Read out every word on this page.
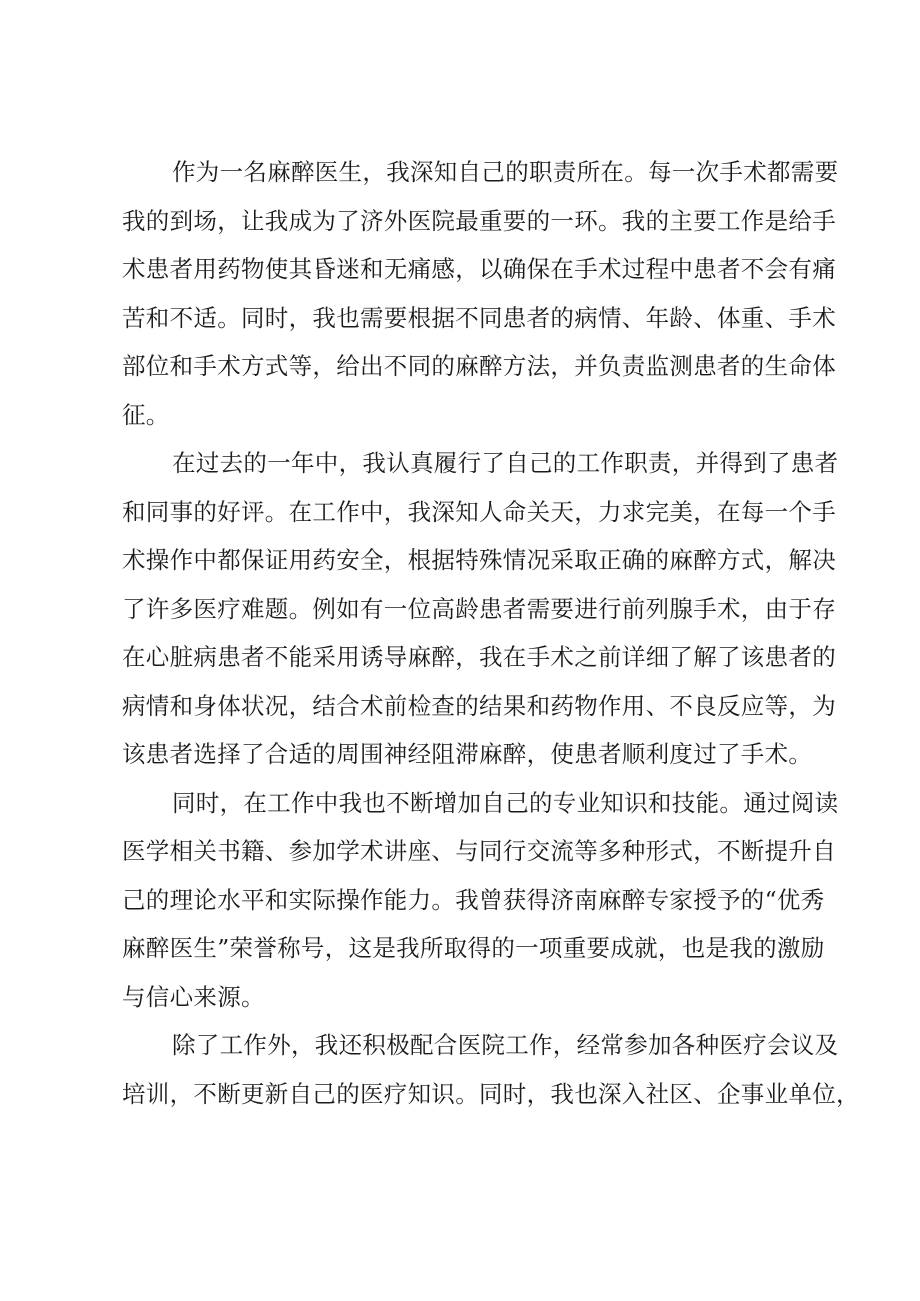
作为一名麻醉医生，我深知自己的职责所在。每一次手术都需要
我的到场，让我成为了济外医院最重要的一环。我的主要工作是给手
术患者用药物使其昏迷和无痛感，以确保在手术过程中患者不会有痛
苦和不适。同时，我也需要根据不同患者的病情、年龄、体重、手术
部位和手术方式等，给出不同的麻醉方法，并负责监测患者的生命体
征。
在过去的一年中，我认真履行了自己的工作职责，并得到了患者
和同事的好评。在工作中，我深知人命关天，力求完美，在每一个手
术操作中都保证用药安全，根据特殊情况采取正确的麻醉方式，解决
了许多医疗难题。例如有一位高龄患者需要进行前列腺手术，由于存
在心脏病患者不能采用诱导麻醉，我在手术之前详细了解了该患者的
病情和身体状况，结合术前检查的结果和药物作用、不良反应等，为
该患者选择了合适的周围神经阻滞麻醉，使患者顺利度过了手术。
同时，在工作中我也不断增加自己的专业知识和技能。通过阅读
医学相关书籍、参加学术讲座、与同行交流等多种形式，不断提升自
己的理论水平和实际操作能力。我曾获得济南麻醉专家授予的“优秀
麻醉医生”荣誉称号，这是我所取得的一项重要成就，也是我的激励
与信心来源。
除了工作外，我还积极配合医院工作，经常参加各种医疗会议及
培训，不断更新自己的医疗知识。同时，我也深入社区、企事业单位，
